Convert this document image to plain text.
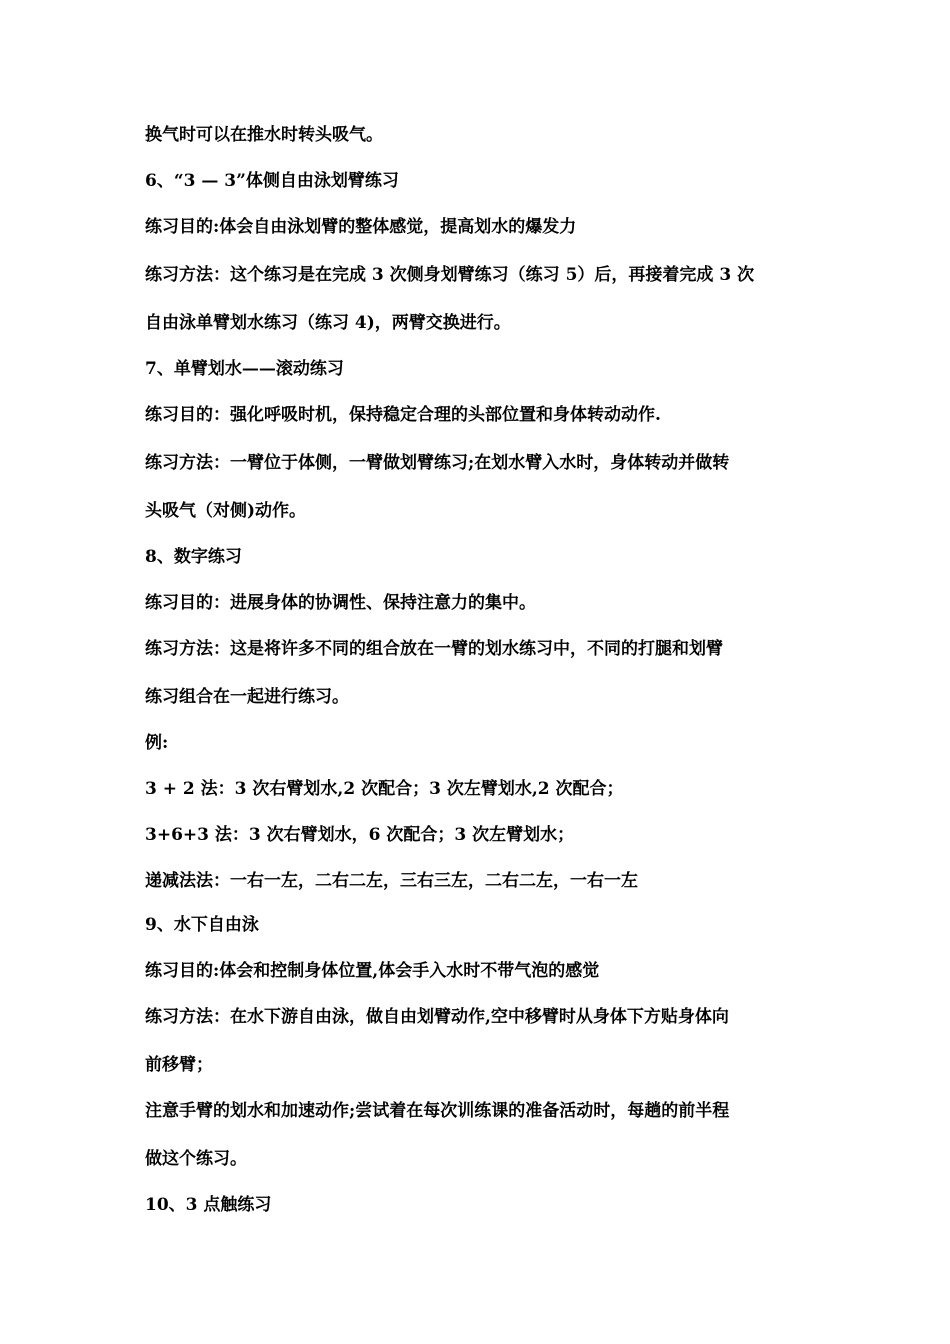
换气时可以在推水时转头吸气。
6、“3 — 3”体侧自由泳划臂练习
练习目的:体会自由泳划臂的整体感觉，提高划水的爆发力
练习方法：这个练习是在完成 3 次侧身划臂练习（练习 5）后，再接着完成 3 次
自由泳单臂划水练习（练习 4)，两臂交换进行。
7、单臂划水——滚动练习
练习目的：强化呼吸时机，保持稳定合理的头部位置和身体转动动作.
练习方法：一臂位于体侧，一臂做划臂练习;在划水臂入水时，身体转动并做转
头吸气（对侧)动作。
8、数字练习
练习目的：进展身体的协调性、保持注意力的集中。
练习方法：这是将许多不同的组合放在一臂的划水练习中，不同的打腿和划臂
练习组合在一起进行练习。
例:
3 + 2 法：3 次右臂划水,2 次配合；3 次左臂划水,2 次配合；
3+6+3 法：3 次右臂划水，6 次配合；3 次左臂划水；
递减法法：一右一左，二右二左，三右三左，二右二左，一右一左
9、水下自由泳
练习目的:体会和控制身体位置,体会手入水时不带气泡的感觉
练习方法：在水下游自由泳，做自由划臂动作,空中移臂时从身体下方贴身体向
前移臂；
注意手臂的划水和加速动作;尝试着在每次训练课的准备活动时，每趟的前半程
做这个练习。
10、3 点触练习
